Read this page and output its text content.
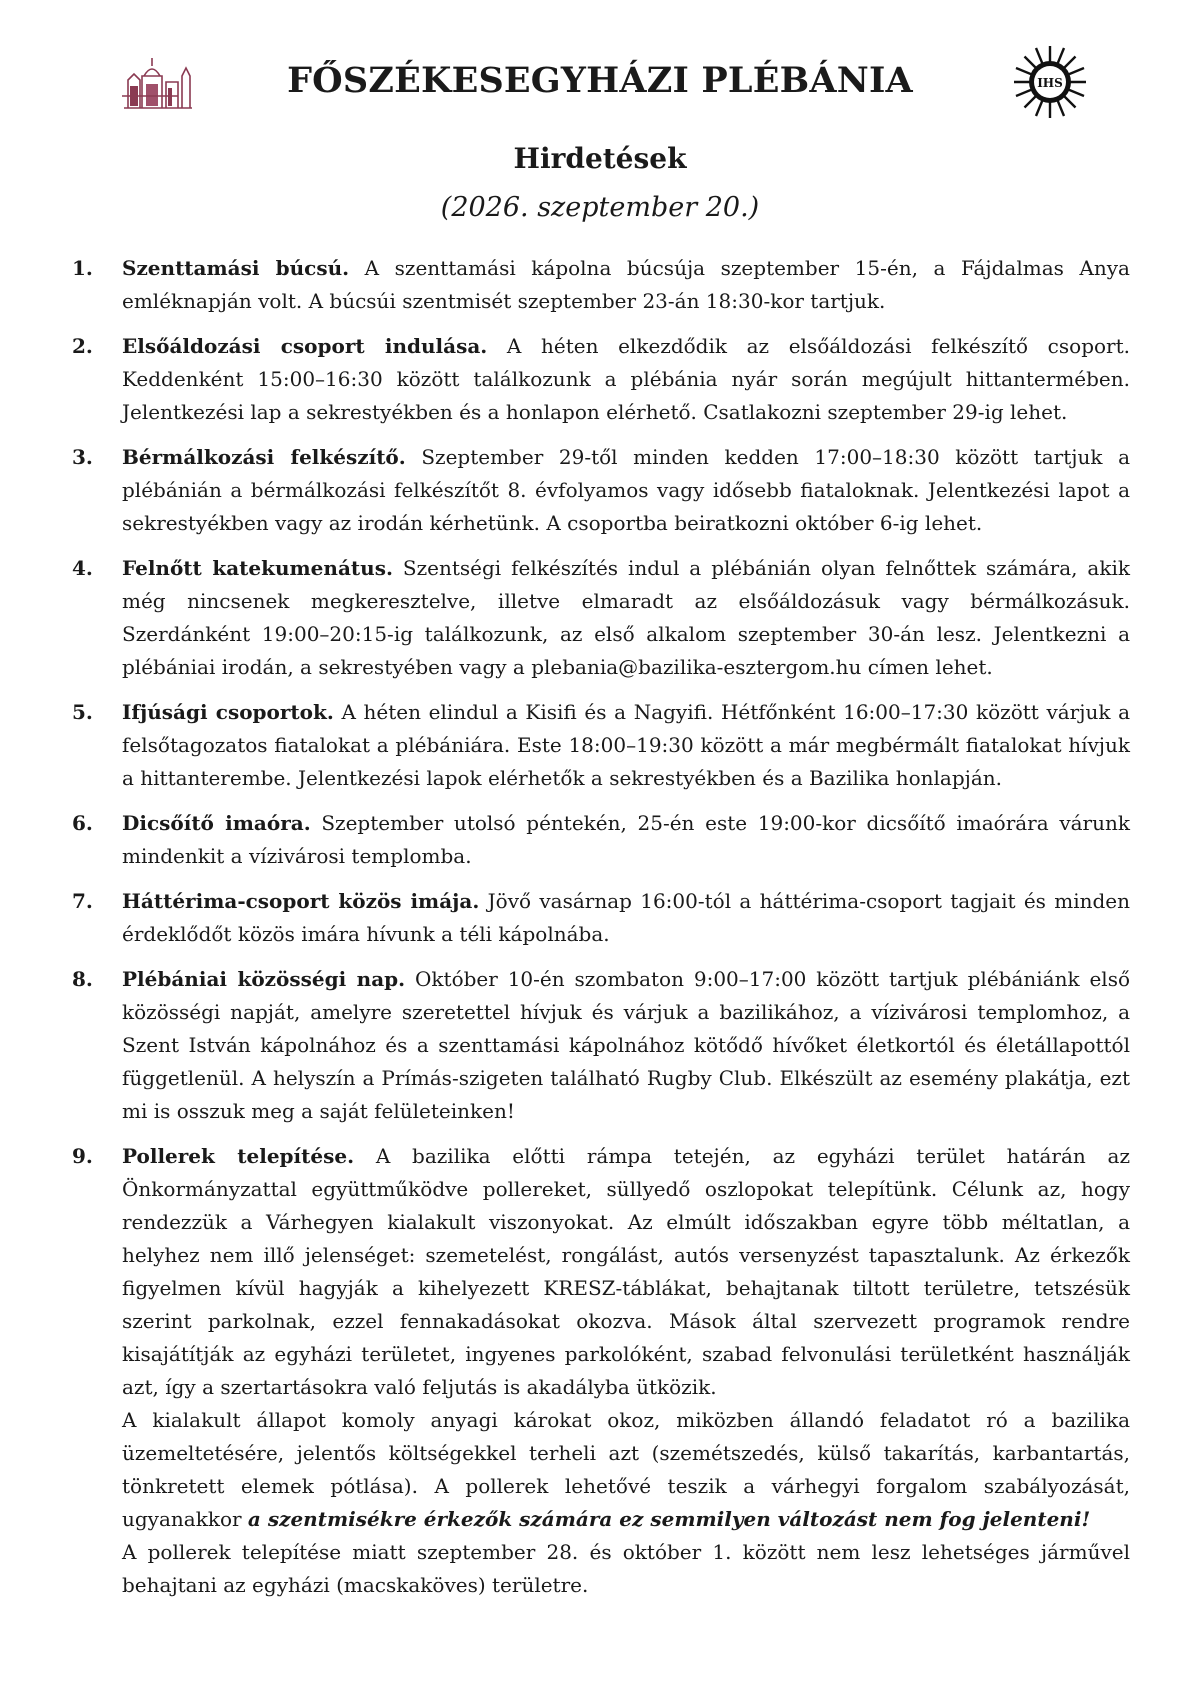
IHS
FŐSZÉKESEGYHÁZI PLÉBÁNIA
Hirdetések
(2026. szeptember 20.)
1.	Szenttamási búcsú. A szenttamási kápolna búcsúja szeptember 15-én, a Fájdalmas Anya emléknapján volt. A búcsúi szentmisét szeptember 23-án 18:30-kor tartjuk.
2.	Elsőáldozási csoport indulása. A héten elkezdődik az elsőáldozási felkészítő csoport. Keddenként 15:00–16:30 között találkozunk a plébánia nyár során megújult hittantermében. Jelentkezési lap a sekrestyékben és a honlapon elérhető. Csatlakozni szeptember 29-ig lehet.
3.	Bérmálkozási felkészítő. Szeptember 29-től minden kedden 17:00–18:30 között tartjuk a plébánián a bérmálkozási felkészítőt 8. évfolyamos vagy idősebb fiataloknak. Jelentkezési lapot a sekrestyékben vagy az irodán kérhetünk. A csoportba beiratkozni október 6-ig lehet.
4.	Felnőtt katekumenátus. Szentségi felkészítés indul a plébánián olyan felnőttek számára, akik még nincsenek megkeresztelve, illetve elmaradt az elsőáldozásuk vagy bérmálkozásuk. Szerdánként 19:00–20:15-ig találkozunk, az első alkalom szeptember 30-án lesz. Jelentkezni a plébániai irodán, a sekrestyében vagy a plebania@bazilika-esztergom.hu címen lehet.
5.	Ifjúsági csoportok. A héten elindul a Kisifi és a Nagyifi. Hétfőnként 16:00–17:30 között várjuk a felsőtagozatos fiatalokat a plébániára. Este 18:00–19:30 között a már megbérmált fiatalokat hívjuk a hittanterembe. Jelentkezési lapok elérhetők a sekrestyékben és a Bazilika honlapján.
6.	Dicsőítő imaóra. Szeptember utolsó péntekén, 25-én este 19:00-kor dicsőítő imaórára várunk mindenkit a vízivárosi templomba.
7.	Háttérima-csoport közös imája. Jövő vasárnap 16:00-tól a háttérima-csoport tagjait és minden érdeklődőt közös imára hívunk a téli kápolnába.
8.	Plébániai közösségi nap. Október 10-én szombaton 9:00–17:00 között tartjuk plébániánk első közösségi napját, amelyre szeretettel hívjuk és várjuk a bazilikához, a vízivárosi templomhoz, a Szent István kápolnához és a szenttamási kápolnához kötődő hívőket életkortól és életállapottól függetlenül. A helyszín a Prímás-szigeten található Rugby Club. Elkészült az esemény plakátja, ezt mi is osszuk meg a saját felületeinken!
9.	Pollerek telepítése. A bazilika előtti rámpa tetején, az egyházi terület határán az Önkormányzattal együttműködve pollereket, süllyedő oszlopokat telepítünk. Célunk az, hogy rendezzük a Várhegyen kialakult viszonyokat. Az elmúlt időszakban egyre több méltatlan, a helyhez nem illő jelenséget: szemetelést, rongálást, autós versenyzést tapasztalunk. Az érkezők figyelmen kívül hagyják a kihelyezett KRESZ-táblákat, behajtanak tiltott területre, tetszésük szerint parkolnak, ezzel fennakadásokat okozva. Mások által szervezett programok rendre kisajátítják az egyházi területet, ingyenes parkolóként, szabad felvonulási területként használják azt, így a szertartásokra való feljutás is akadályba ütközik.

A kialakult állapot komoly anyagi károkat okoz, miközben állandó feladatot ró a bazilika üzemeltetésére, jelentős költségekkel terheli azt (szemétszedés, külső takarítás, karbantartás, tönkretett elemek pótlása). A pollerek lehetővé teszik a várhegyi forgalom szabályozását, ugyanakkor a szentmisékre érkezők számára ez semmilyen változást nem fog jelenteni!

A pollerek telepítése miatt szeptember 28. és október 1. között nem lesz lehetséges járművel behajtani az egyházi (macskaköves) területre.
